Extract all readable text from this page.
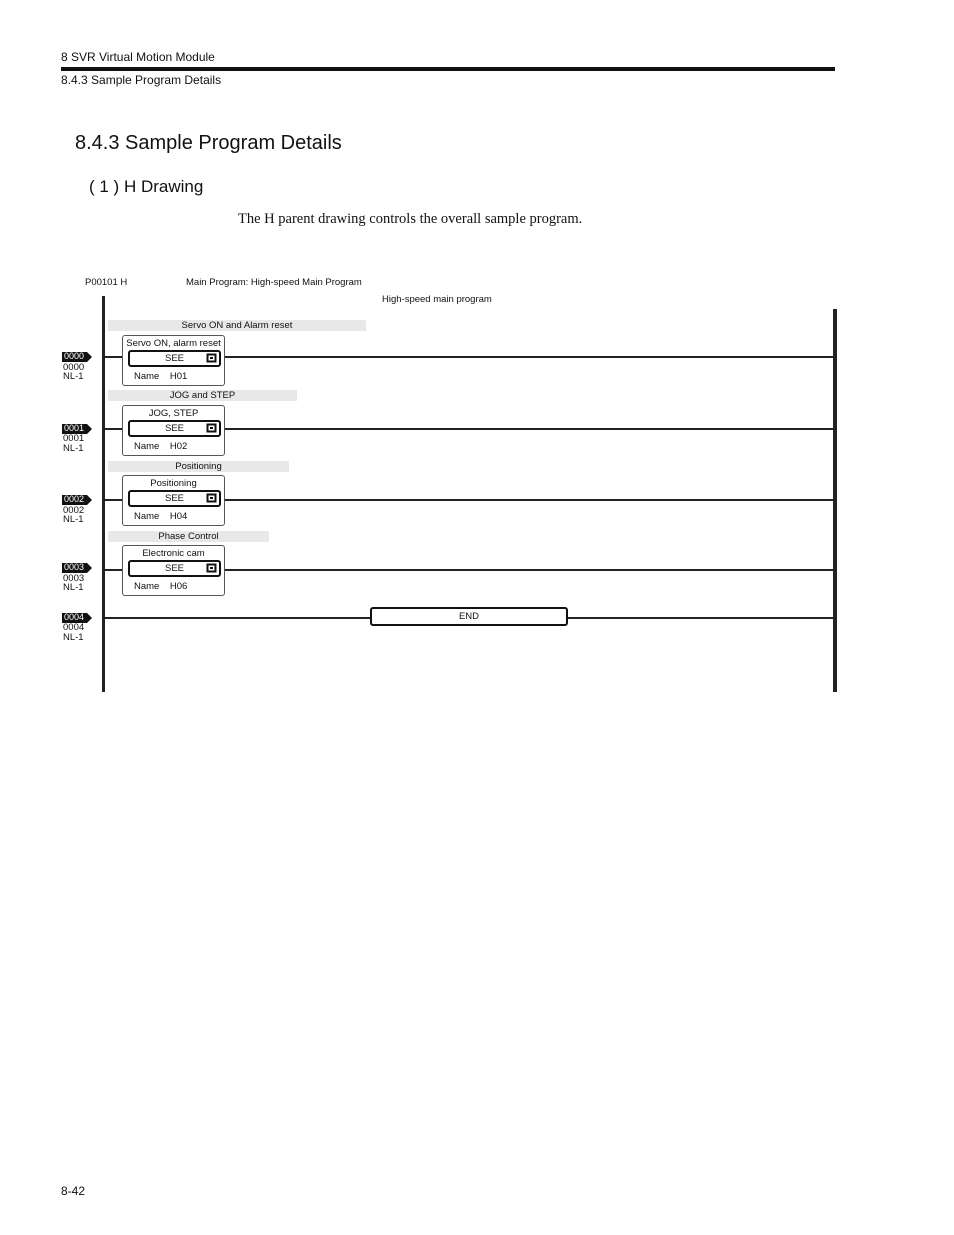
8 SVR Virtual Motion Module
8.4.3 Sample Program Details
8.4.3 Sample Program Details
( 1 ) H Drawing
The H parent drawing controls the overall sample program.
P00101 H	Main Program: High-speed Main Program
High-speed main program
Servo ON and Alarm reset
0000
0000
NL-1
Servo ON, alarm reset
SEE
Name    H01
JOG and STEP
0001
0001
NL-1
JOG, STEP
SEE
Name    H02
Positioning
0002
0002
NL-1
Positioning
SEE
Name    H04
Phase Control
0003
0003
NL-1
Electronic cam
SEE
Name    H06
0004
0004
NL-1
END
8-42
